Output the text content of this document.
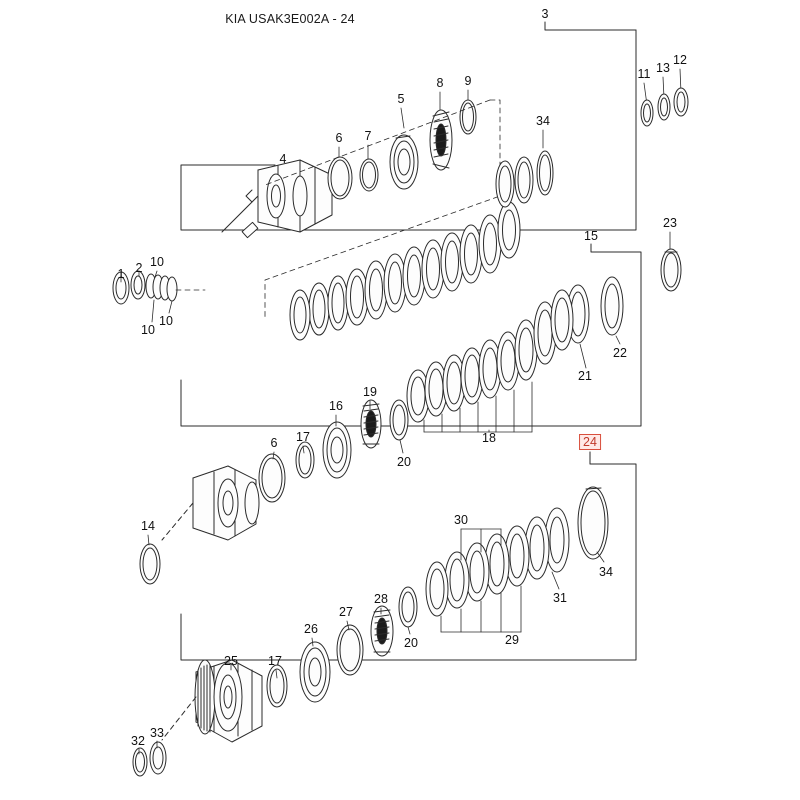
KIA USAK3E002A - 24	3
8 9	11 13
12
5
34
6 7
4
23
15
1 2 10
10
10
22
21
19
16
18	24
6 17
20
30
14
34
31
29
28
27
26
20
17
25
32
33
